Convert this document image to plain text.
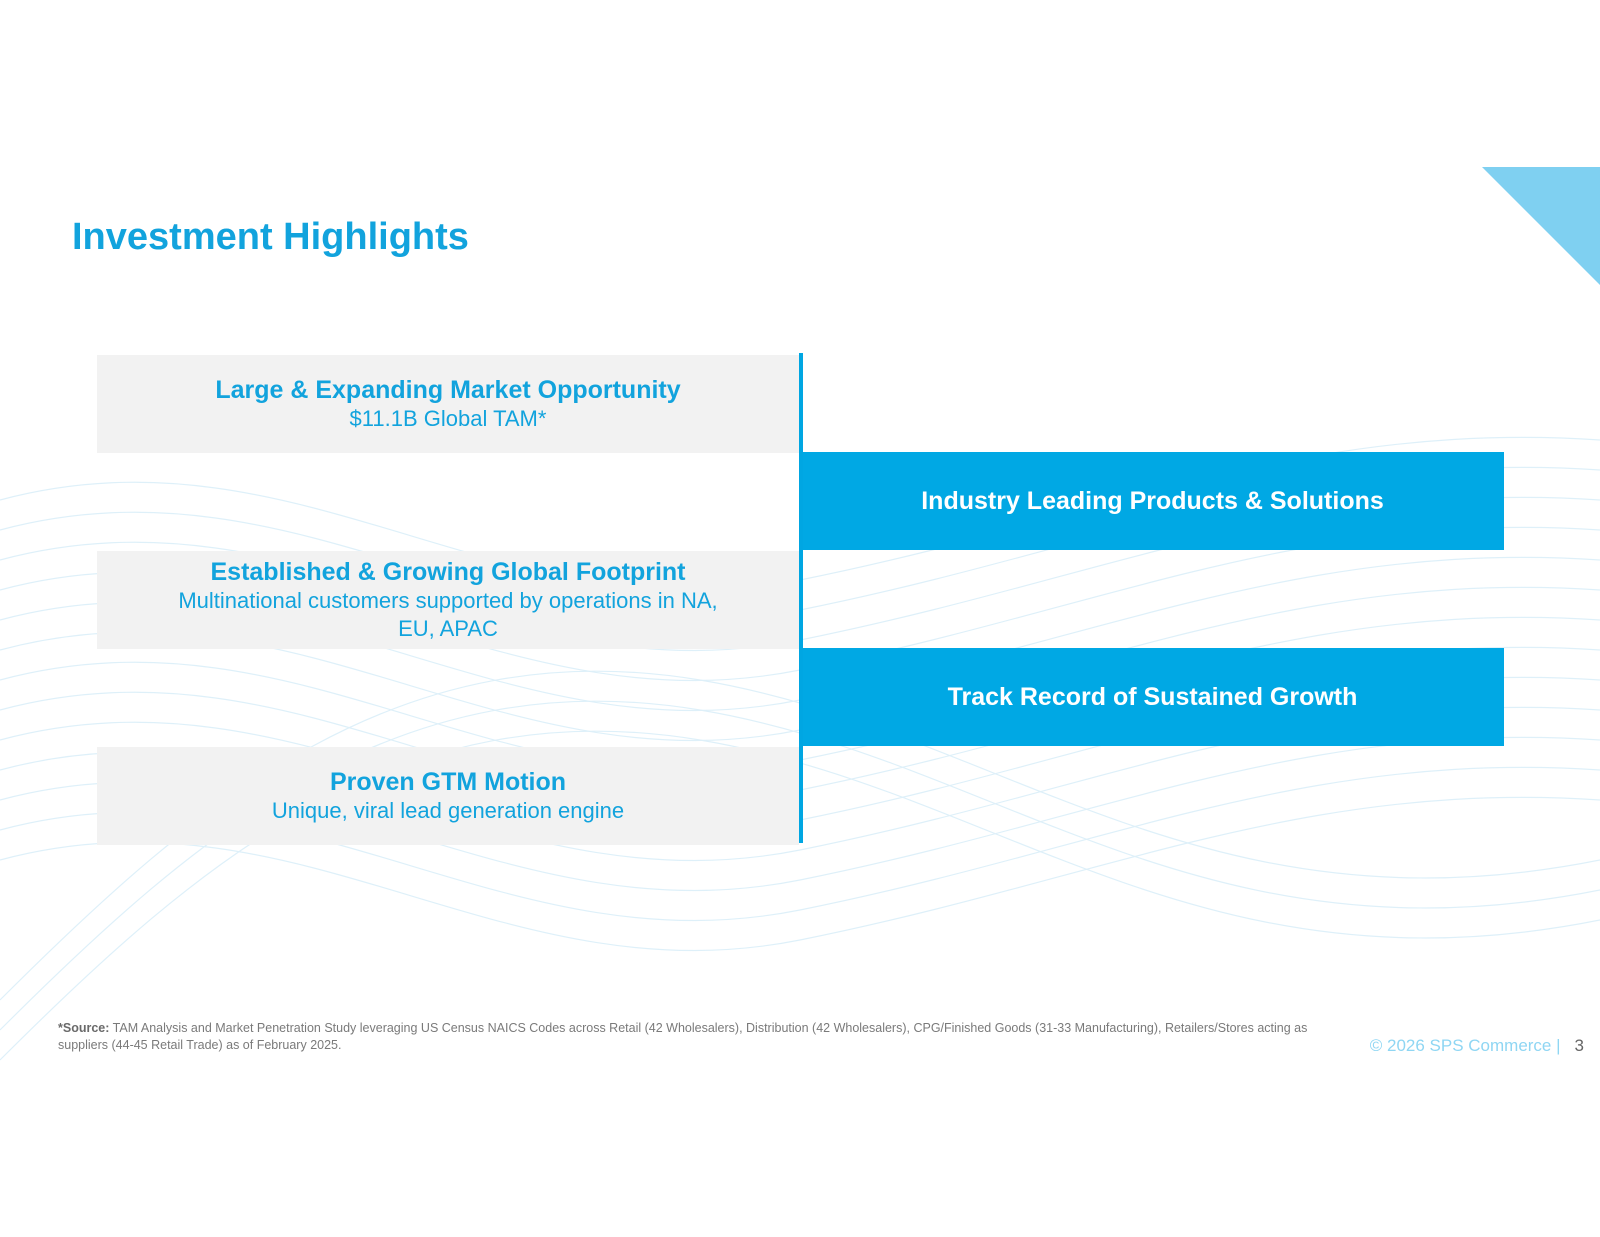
Investment Highlights
Large & Expanding Market Opportunity
$11.1B Global TAM*
Industry Leading Products & Solutions
Established & Growing Global Footprint
Multinational customers supported by operations in NA, EU, APAC
Track Record of Sustained Growth
Proven GTM Motion
Unique, viral lead generation engine
*Source: TAM Analysis and Market Penetration Study leveraging US Census NAICS Codes across Retail (42 Wholesalers), Distribution (42 Wholesalers), CPG/Finished Goods (31-33 Manufacturing), Retailers/Stores acting as suppliers (44-45 Retail Trade) as of February 2025.	© 2026 SPS Commerce | 3
